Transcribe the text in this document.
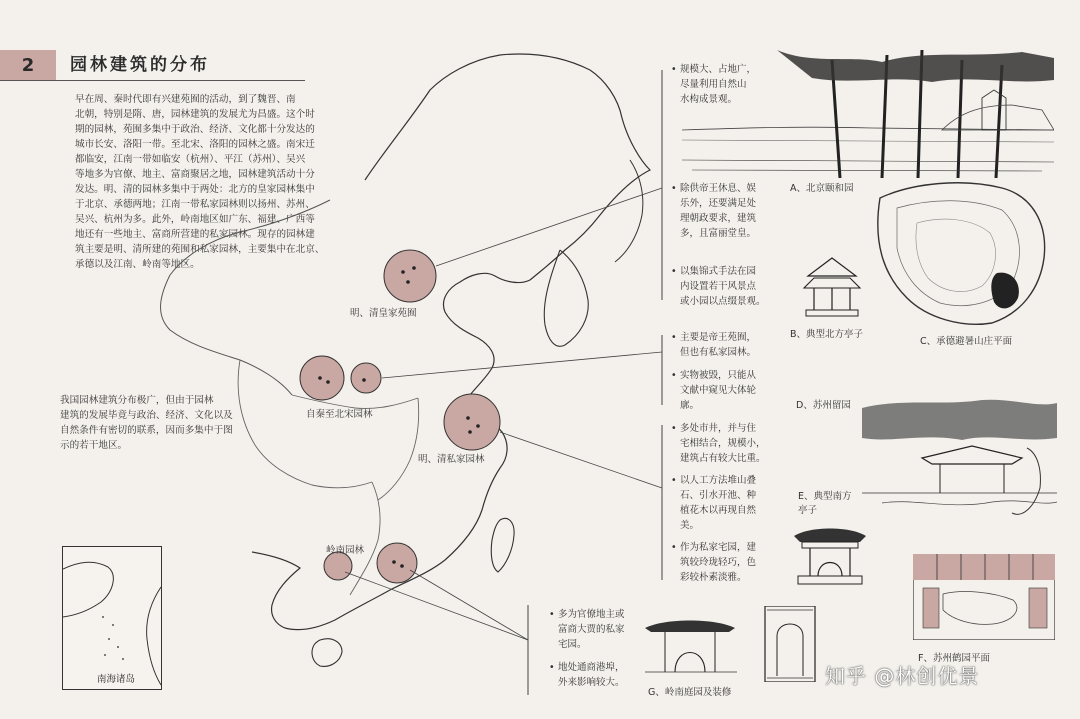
2	园林建筑的分布
早在周、秦时代即有兴建苑囿的活动，到了魏晋、南
北朝，特别是隋、唐，园林建筑的发展尤为昌盛。这个时
期的园林，苑囿多集中于政治、经济、文化都十分发达的
城市长安、洛阳一带。至北宋、洛阳的园林之盛。南宋迁
都临安，江南一带如临安（杭州）、平江（苏州）、吴兴
等地多为官僚、地主、富商聚居之地，园林建筑活动十分
发达。明、清的园林多集中于两处：北方的皇家园林集中
于北京、承德两地；江南一带私家园林则以扬州、苏州、
吴兴、杭州为多。此外，岭南地区如广东、福建、广西等
地还有一些地主、富商所营建的私家园林。现存的园林建
筑主要是明、清所建的苑囿和私家园林，主要集中在北京、
承德以及江南、岭南等地区。
我国园林建筑分布极广，但由于园林
建筑的发展毕竟与政治、经济、文化以及
自然条件有密切的联系，因而多集中于图
示的若干地区。
明、清皇家苑囿
自秦至北宋园林
明、清私家园林
岭南园林
南海诸岛
• 规模大、占地广，
尽量利用自然山
水构成景观。
• 除供帝王休息、娱
乐外，还要满足处
理朝政要求，建筑
多，且富丽堂皇。
• 以集锦式手法在园
内设置若干风景点
或小园以点缀景观。
• 主要是帝王苑囿，
但也有私家园林。
• 实物被毁，只能从
文献中窥见大体轮
廓。
• 多处市井，并与住
宅相结合，规模小，
建筑占有较大比重。
• 以人工方法堆山叠
石、引水开池、种
植花木以再现自然
美。
• 作为私家宅园，建
筑较玲珑轻巧，色
彩较朴素淡雅。
• 多为官僚地主或
富商大贾的私家
宅园。
• 地处通商港埠，
外来影响较大。
A、北京颐和园
C、承德避暑山庄平面
B、典型北方亭子
D、苏州留园
E、典型南方
亭子
F、苏州鹤园平面
G、岭南庭园及装修
知乎 @林创优景
